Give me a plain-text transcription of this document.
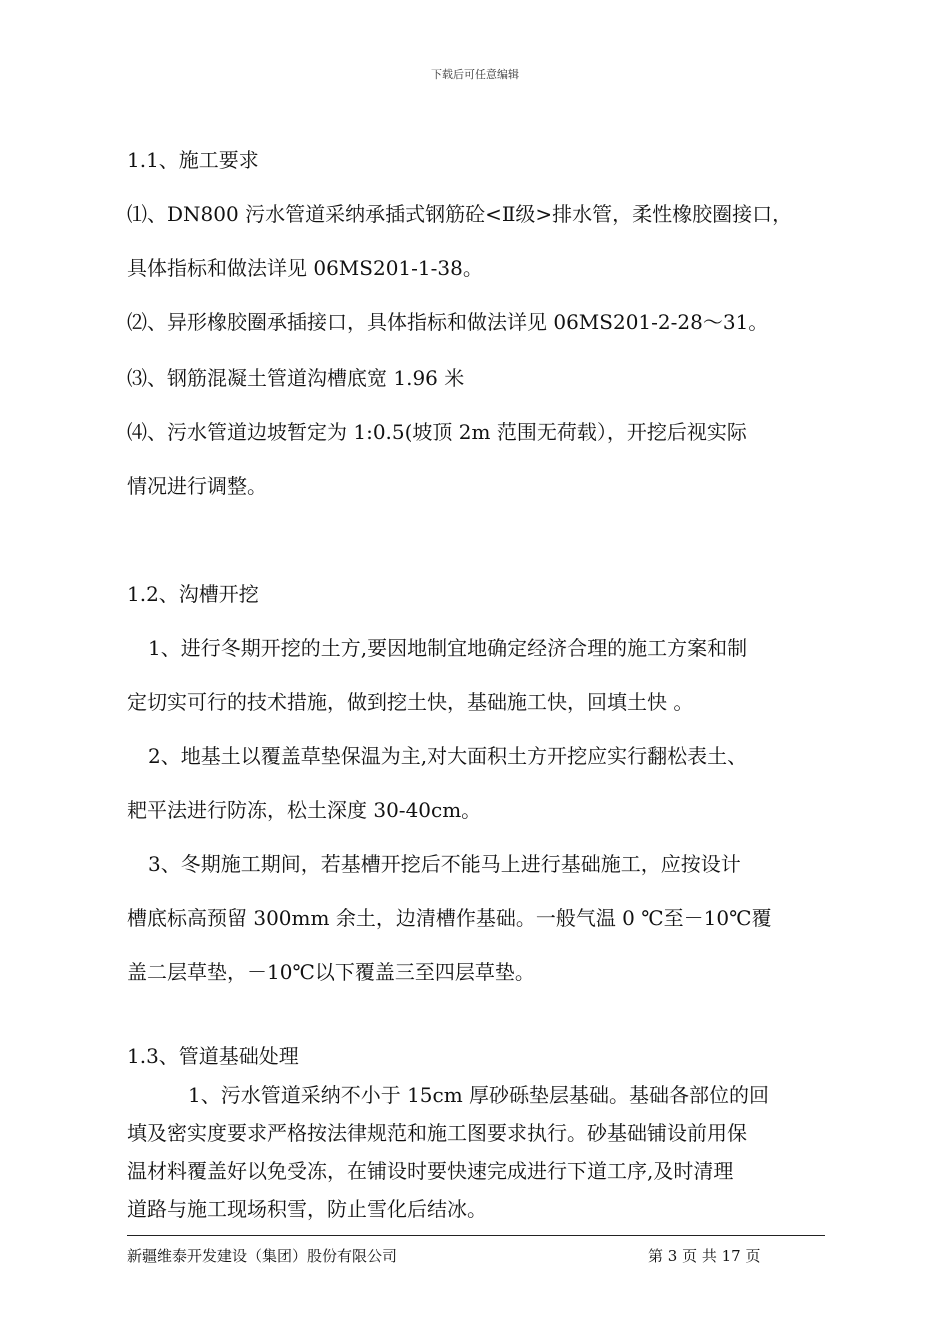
下载后可任意编辑
1.1、施工要求
⑴、DN800 污水管道采纳承插式钢筋砼<Ⅱ级>排水管，柔性橡胶圈接口，
具体指标和做法详见 06MS201-1-38。
⑵、异形橡胶圈承插接口，具体指标和做法详见 06MS201-2-28～31。
⑶、钢筋混凝土管道沟槽底宽 1.96 米
⑷、污水管道边坡暂定为 1:0.5(坡顶 2m 范围无荷载），开挖后视实际
情况进行调整。
1.2、沟槽开挖
1、进行冬期开挖的土方,要因地制宜地确定经济合理的施工方案和制
定切实可行的技术措施，做到挖土快，基础施工快，回填土快 。
2、地基土以覆盖草垫保温为主,对大面积土方开挖应实行翻松表土、
耙平法进行防冻，松土深度 30-40cm。
3、冬期施工期间，若基槽开挖后不能马上进行基础施工，应按设计
槽底标高预留 300mm 余土，边清槽作基础。一般气温 0 ℃至－10℃覆
盖二层草垫，－10℃以下覆盖三至四层草垫。
1.3、管道基础处理
1、污水管道采纳不小于 15cm 厚砂砾垫层基础。基础各部位的回
填及密实度要求严格按法律规范和施工图要求执行。砂基础铺设前用保
温材料覆盖好以免受冻，在铺设时要快速完成进行下道工序,及时清理
道路与施工现场积雪，防止雪化后结冰。
新疆维泰开发建设（集团）股份有限公司	第 3 页 共 17 页
